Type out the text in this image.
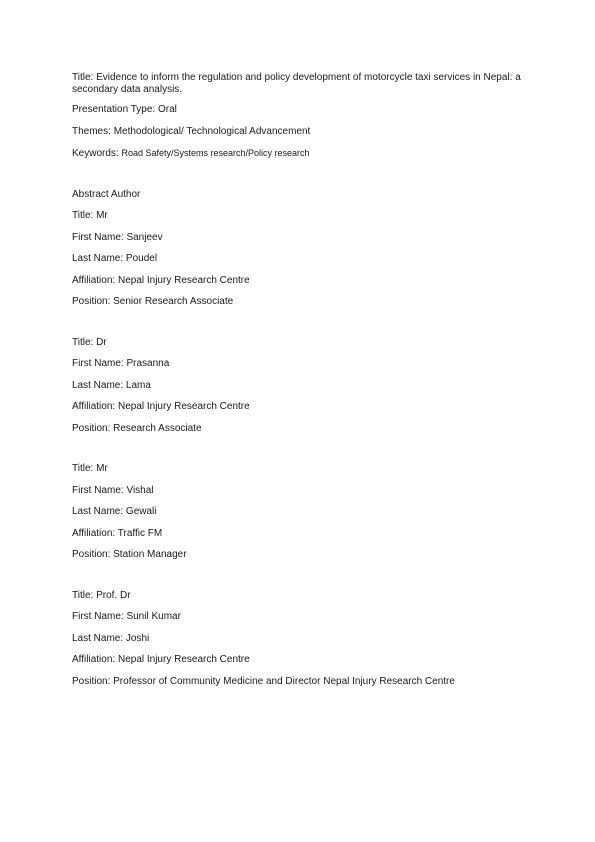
Title: Evidence to inform the regulation and policy development of motorcycle taxi services in Nepal: a secondary data analysis.
Presentation Type: Oral
Themes: Methodological/ Technological Advancement
Keywords: Road Safety/Systems research/Policy research
Abstract Author
Title: Mr
First Name: Sanjeev
Last Name: Poudel
Affiliation: Nepal Injury Research Centre
Position: Senior Research Associate
Title: Dr
First Name: Prasanna
Last Name: Lama
Affiliation: Nepal Injury Research Centre
Position: Research Associate
Title: Mr
First Name: Vishal
Last Name: Gewali
Affiliation: Traffic FM
Position: Station Manager
Title: Prof. Dr
First Name: Sunil Kumar
Last Name: Joshi
Affiliation: Nepal Injury Research Centre
Position: Professor of Community Medicine and Director Nepal Injury Research Centre
